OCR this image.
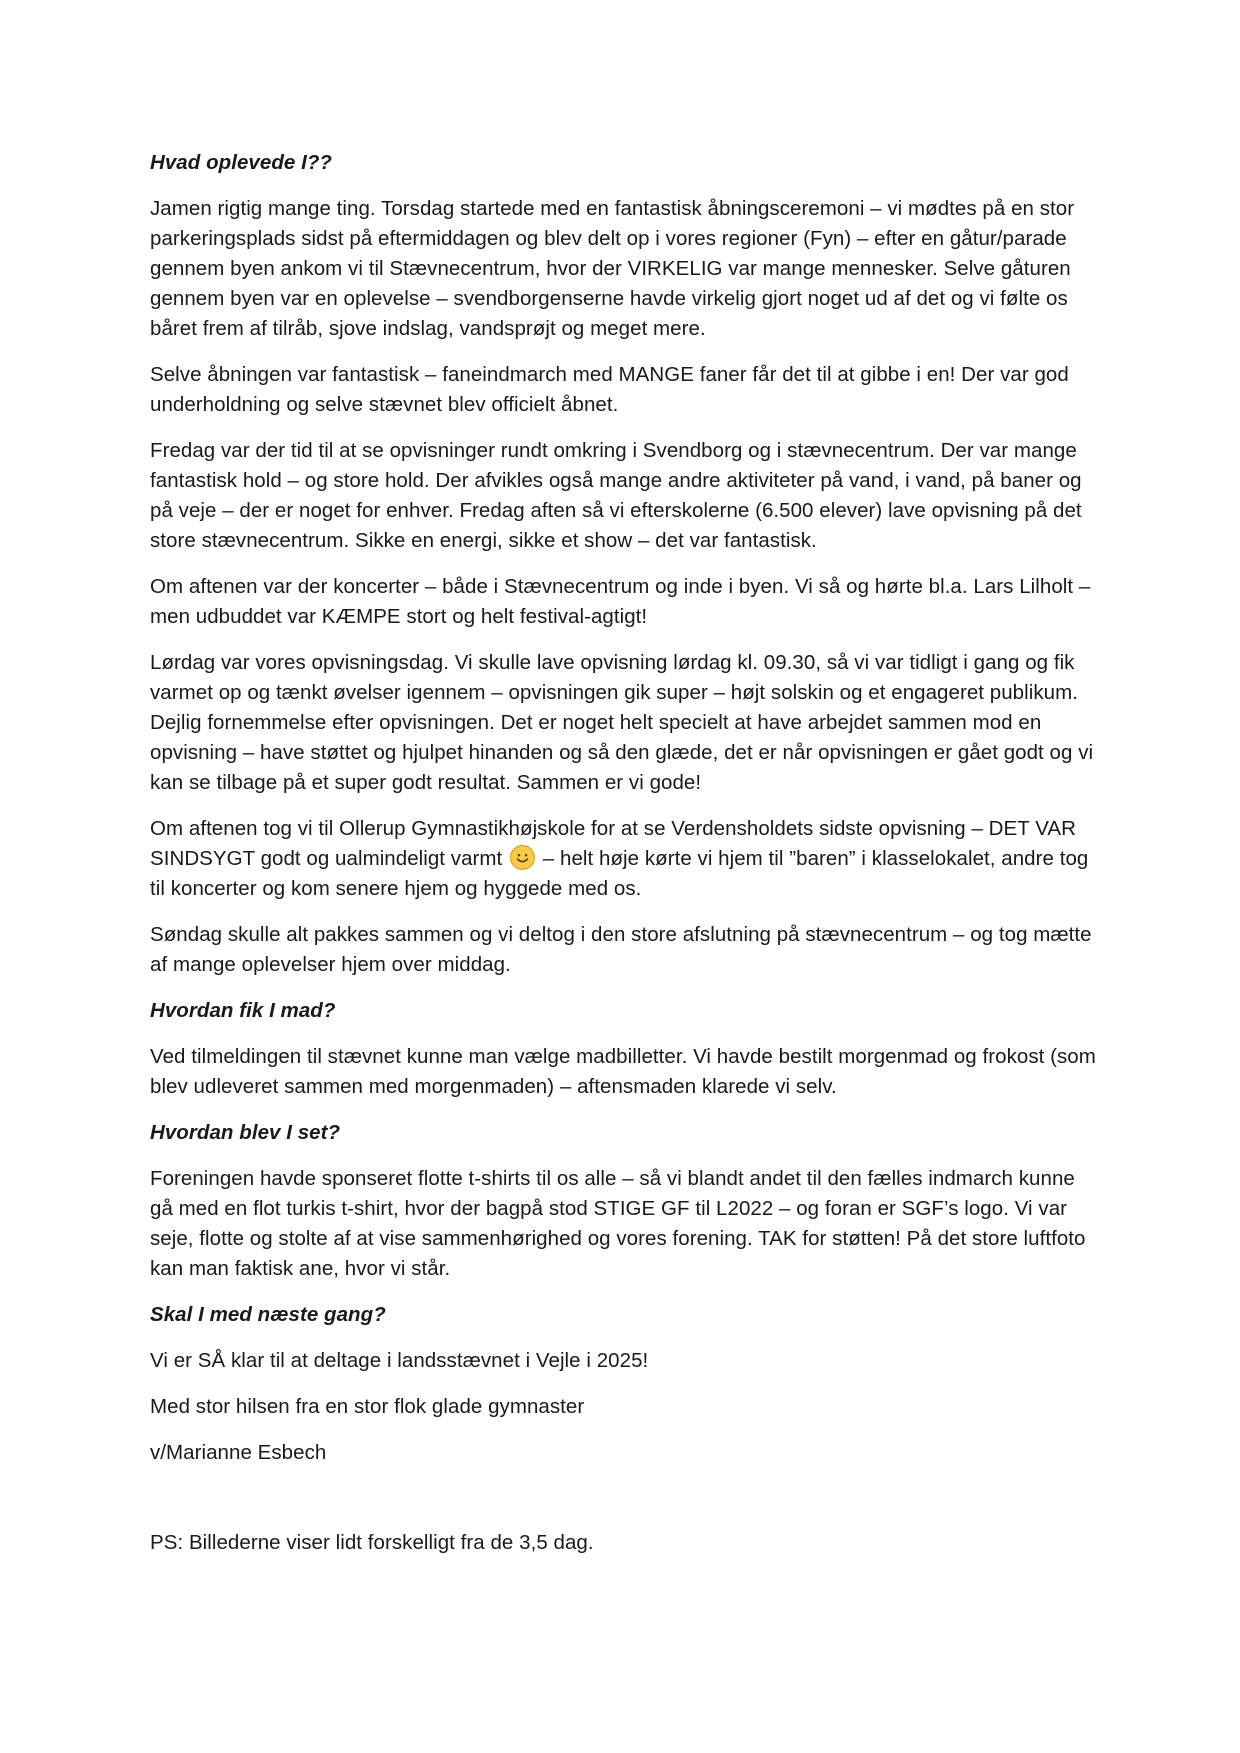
Hvad oplevede I??

Jamen rigtig mange ting. Torsdag startede med en fantastisk åbningsceremoni – vi mødtes på en stor parkeringsplads sidst på eftermiddagen og blev delt op i vores regioner (Fyn) – efter en gåtur/parade gennem byen ankom vi til Stævnecentrum, hvor der VIRKELIG var mange mennesker. Selve gåturen gennem byen var en oplevelse – svendborgenserne havde virkelig gjort noget ud af det og vi følte os båret frem af tilråb, sjove indslag, vandsprøjt og meget mere.

Selve åbningen var fantastisk – faneindmarch med MANGE faner får det til at gibbe i en! Der var god underholdning og selve stævnet blev officielt åbnet.

Fredag var der tid til at se opvisninger rundt omkring i Svendborg og i stævnecentrum. Der var mange fantastisk hold – og store hold. Der afvikles også mange andre aktiviteter på vand, i vand, på baner og på veje – der er noget for enhver. Fredag aften så vi efterskolerne (6.500 elever) lave opvisning på det store stævnecentrum. Sikke en energi, sikke et show – det var fantastisk.

Om aftenen var der koncerter – både i Stævnecentrum og inde i byen. Vi så og hørte bl.a. Lars Lilholt – men udbuddet var KÆMPE stort og helt festival-agtigt!

Lørdag var vores opvisningsdag. Vi skulle lave opvisning lørdag kl. 09.30, så vi var tidligt i gang og fik varmet op og tænkt øvelser igennem – opvisningen gik super – højt solskin og et engageret publikum. Dejlig fornemmelse efter opvisningen. Det er noget helt specielt at have arbejdet sammen mod en opvisning – have støttet og hjulpet hinanden og så den glæde, det er når opvisningen er gået godt og vi kan se tilbage på et super godt resultat. Sammen er vi gode!

Om aftenen tog vi til Ollerup Gymnastikhøjskole for at se Verdensholdets sidste opvisning – DET VAR SINDSYGT godt og ualmindeligt varmt
– helt høje kørte vi hjem til ”baren” i klasselokalet, andre tog til koncerter og kom senere hjem og hyggede med os.

Søndag skulle alt pakkes sammen og vi deltog i den store afslutning på stævnecentrum – og tog mætte af mange oplevelser hjem over middag.

Hvordan fik I mad?

Ved tilmeldingen til stævnet kunne man vælge madbilletter. Vi havde bestilt morgenmad og frokost (som blev udleveret sammen med morgenmaden) – aftensmaden klarede vi selv.

Hvordan blev I set?

Foreningen havde sponseret flotte t-shirts til os alle – så vi blandt andet til den fælles indmarch kunne gå med en flot turkis t-shirt, hvor der bagpå stod STIGE GF til L2022 – og foran er SGF’s logo. Vi var seje, flotte og stolte af at vise sammenhørighed og vores forening. TAK for støtten! På det store luftfoto kan man faktisk ane, hvor vi står.

Skal I med næste gang?

Vi er SÅ klar til at deltage i landsstævnet i Vejle i 2025!

Med stor hilsen fra en stor flok glade gymnaster

v/Marianne Esbech

PS: Billederne viser lidt forskelligt fra de 3,5 dag.
